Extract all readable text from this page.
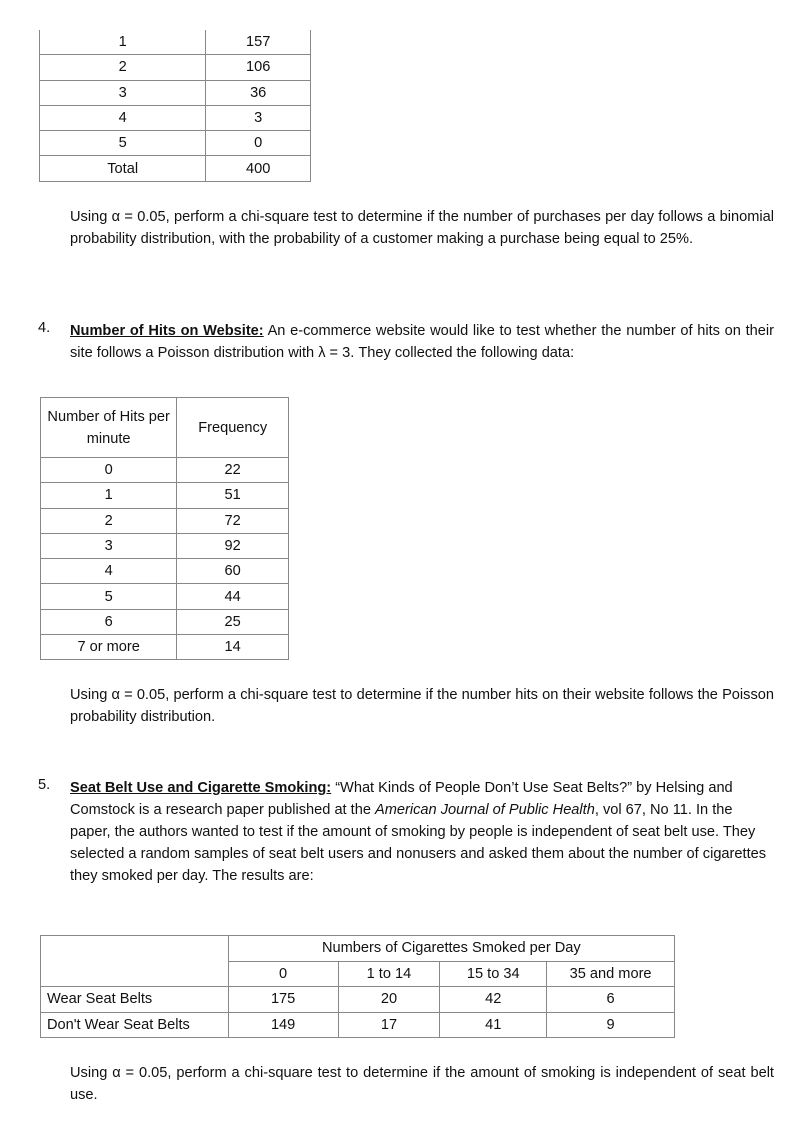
1	157
2	106
3	36
4	3
5	0
Total	400
Using α = 0.05, perform a chi-square test to determine if the number of purchases per day follows a binomial probability distribution, with the probability of a customer making a purchase being equal to 25%.
4. Number of Hits on Website: An e-commerce website would like to test whether the number of hits on their site follows a Poisson distribution with λ = 3. They collected the following data:
Number of Hits per minute	Frequency
0	22
1	51
2	72
3	92
4	60
5	44
6	25
7 or more	14
Using α = 0.05, perform a chi-square test to determine if the number hits on their website follows the Poisson probability distribution.
5. Seat Belt Use and Cigarette Smoking: “What Kinds of People Don’t Use Seat Belts?” by Helsing and Comstock is a research paper published at the American Journal of Public Health, vol 67, No 11. In the paper, the authors wanted to test if the amount of smoking by people is independent of seat belt use. They selected a random samples of seat belt users and nonusers and asked them about the number of cigarettes they smoked per day. The results are:
	Numbers of Cigarettes Smoked per Day			
	0	1 to 14	15 to 34	35 and more
Wear Seat Belts	175	20	42	6
Don't Wear Seat Belts	149	17	41	9
Using α = 0.05, perform a chi-square test to determine if the amount of smoking is independent of seat belt use.
